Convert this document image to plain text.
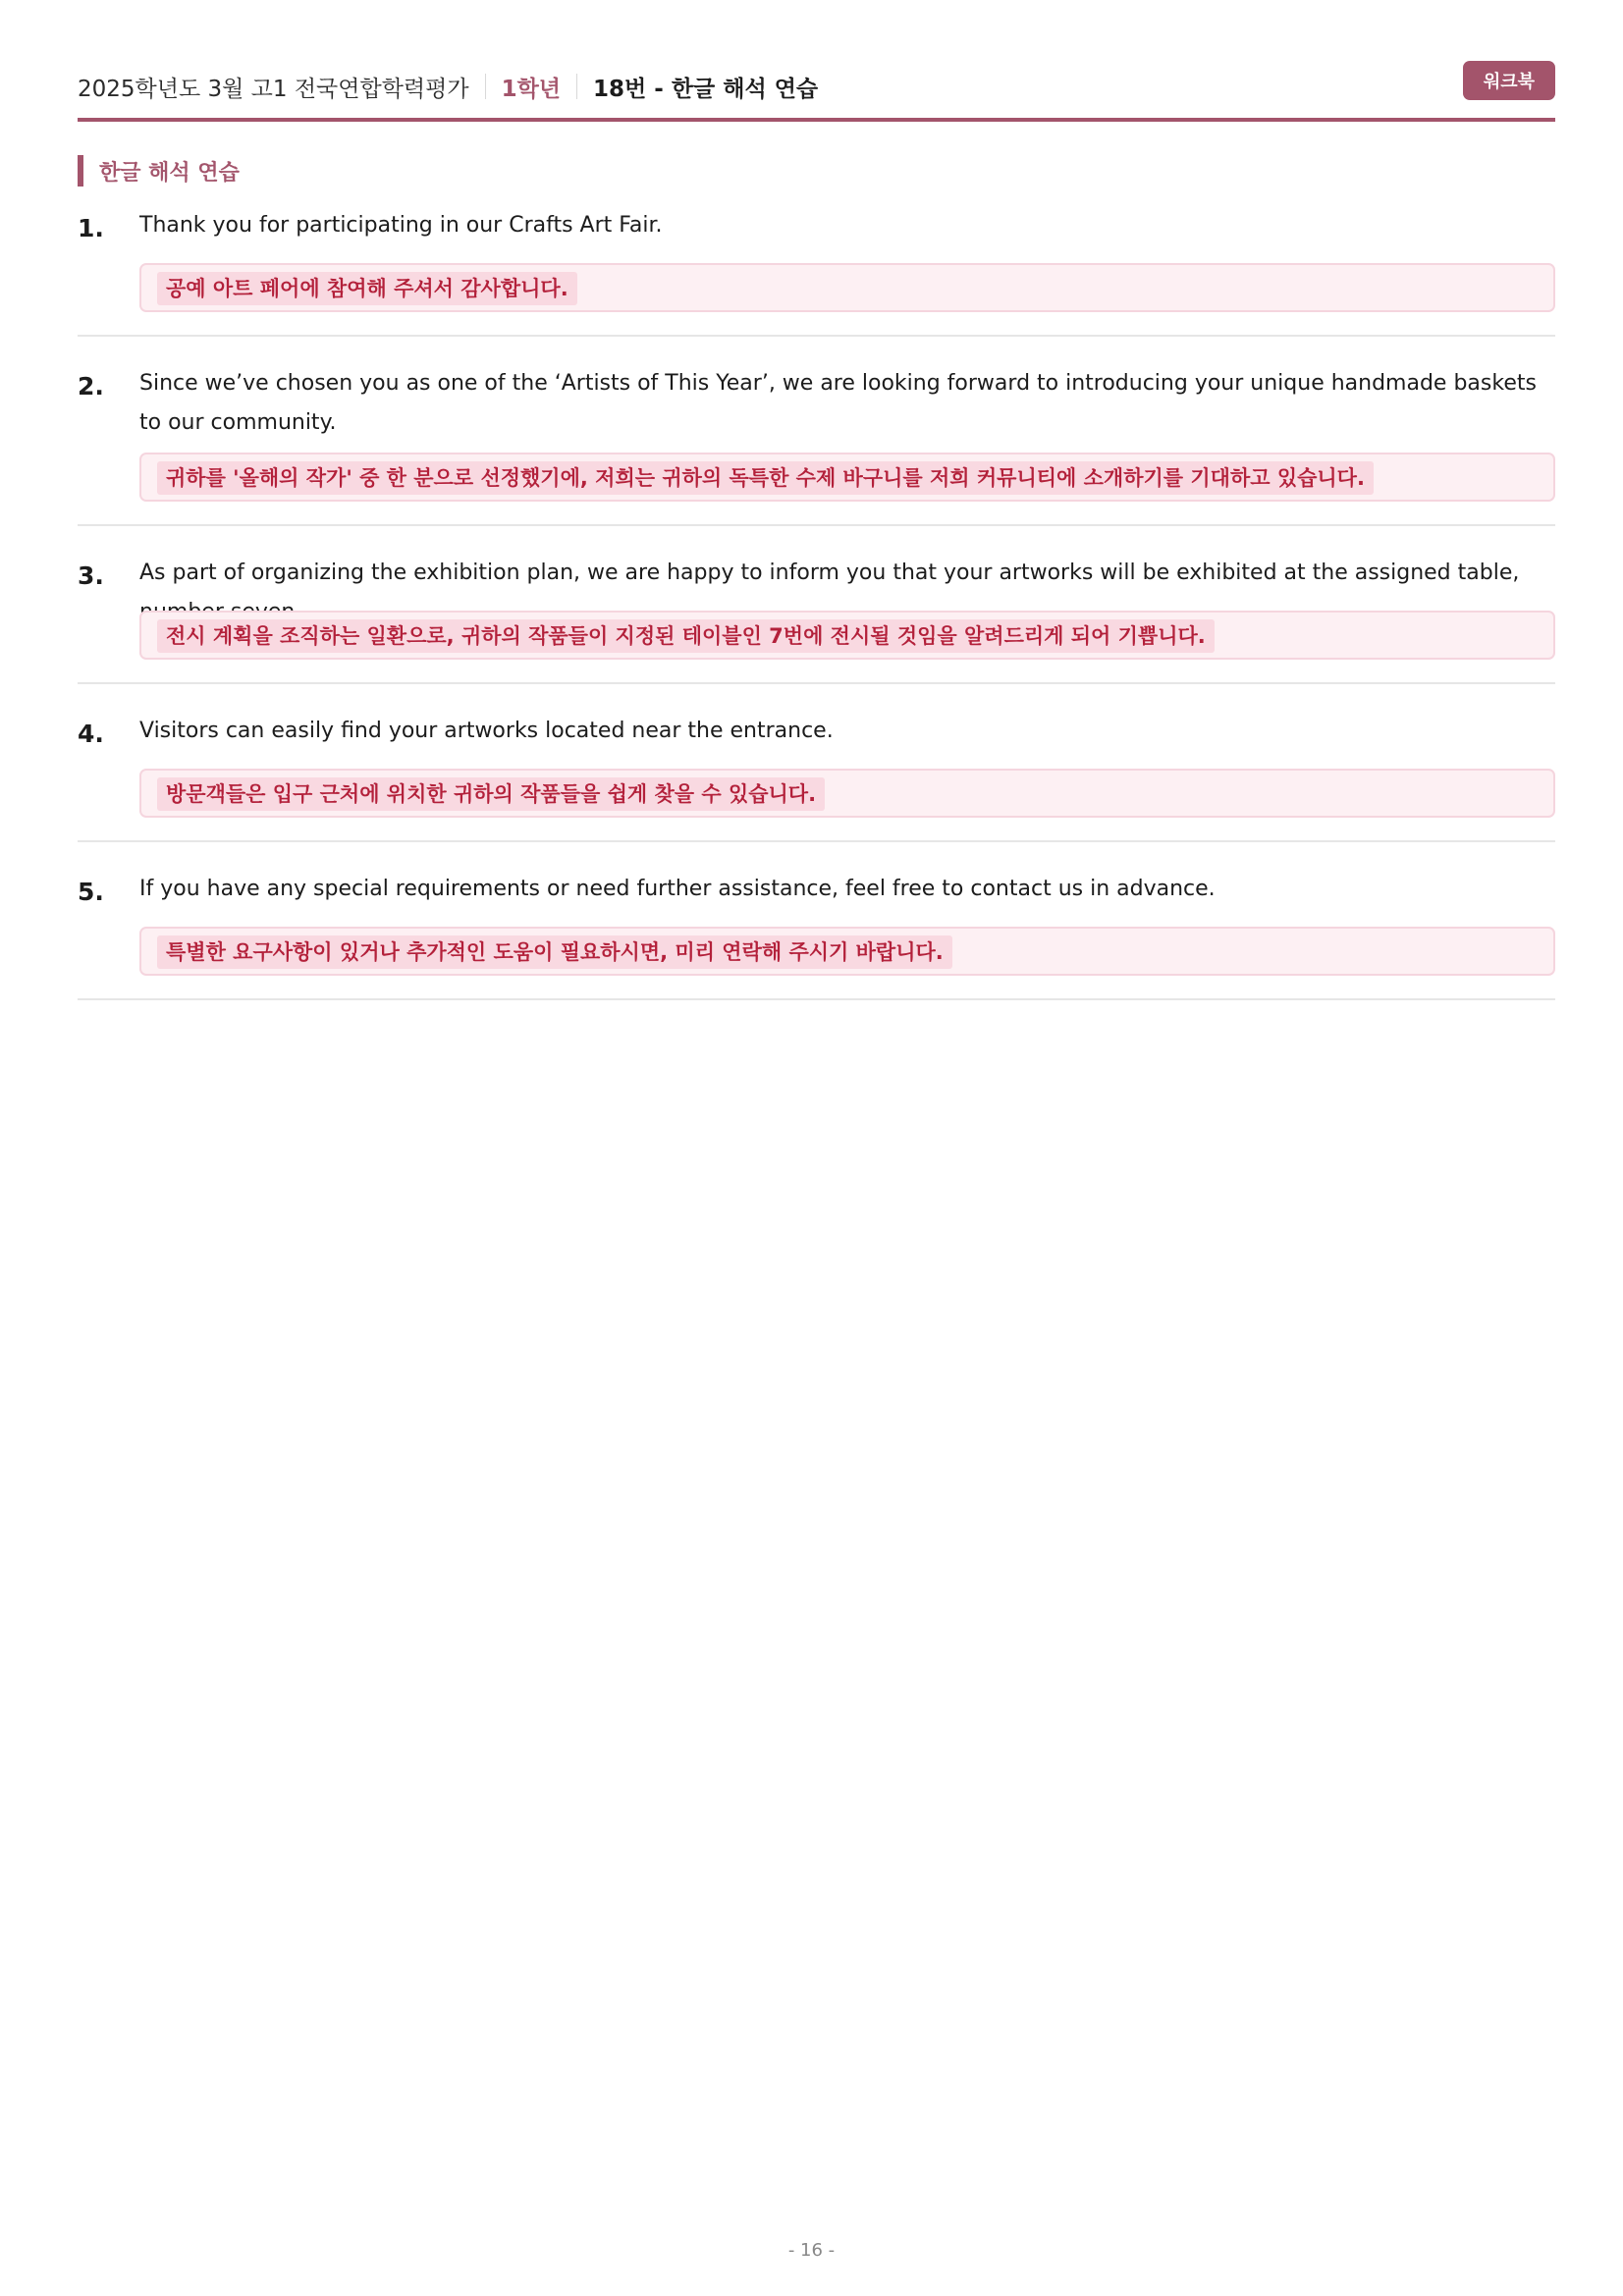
2025학년도 3월 고1 전국연합학력평가 1학년 18번 - 한글 해석 연습	워크북
한글 해석 연습
1. Thank you for participating in our Crafts Art Fair.
공예 아트 페어에 참여해 주셔서 감사합니다.
2. Since we’ve chosen you as one of the ‘Artists of This Year’, we are looking forward to introducing your unique handmade baskets to our community.
귀하를 '올해의 작가' 중 한 분으로 선정했기에, 저희는 귀하의 독특한 수제 바구니를 저희 커뮤니티에 소개하기를 기대하고 있습니다.
3. As part of organizing the exhibition plan, we are happy to inform you that your artworks will be exhibited at the assigned table,
전시 계획을 조직하는 일환으로, 귀하의 작품들이 지정된 테이블인 7번에 전시될 것임을 알려드리게 되어 기쁩니다.
4. Visitors can easily find your artworks located near the entrance.
방문객들은 입구 근처에 위치한 귀하의 작품들을 쉽게 찾을 수 있습니다.
5. If you have any special requirements or need further assistance, feel free to contact us in advance.
특별한 요구사항이 있거나 추가적인 도움이 필요하시면, 미리 연락해 주시기 바랍니다.
- 16 -
